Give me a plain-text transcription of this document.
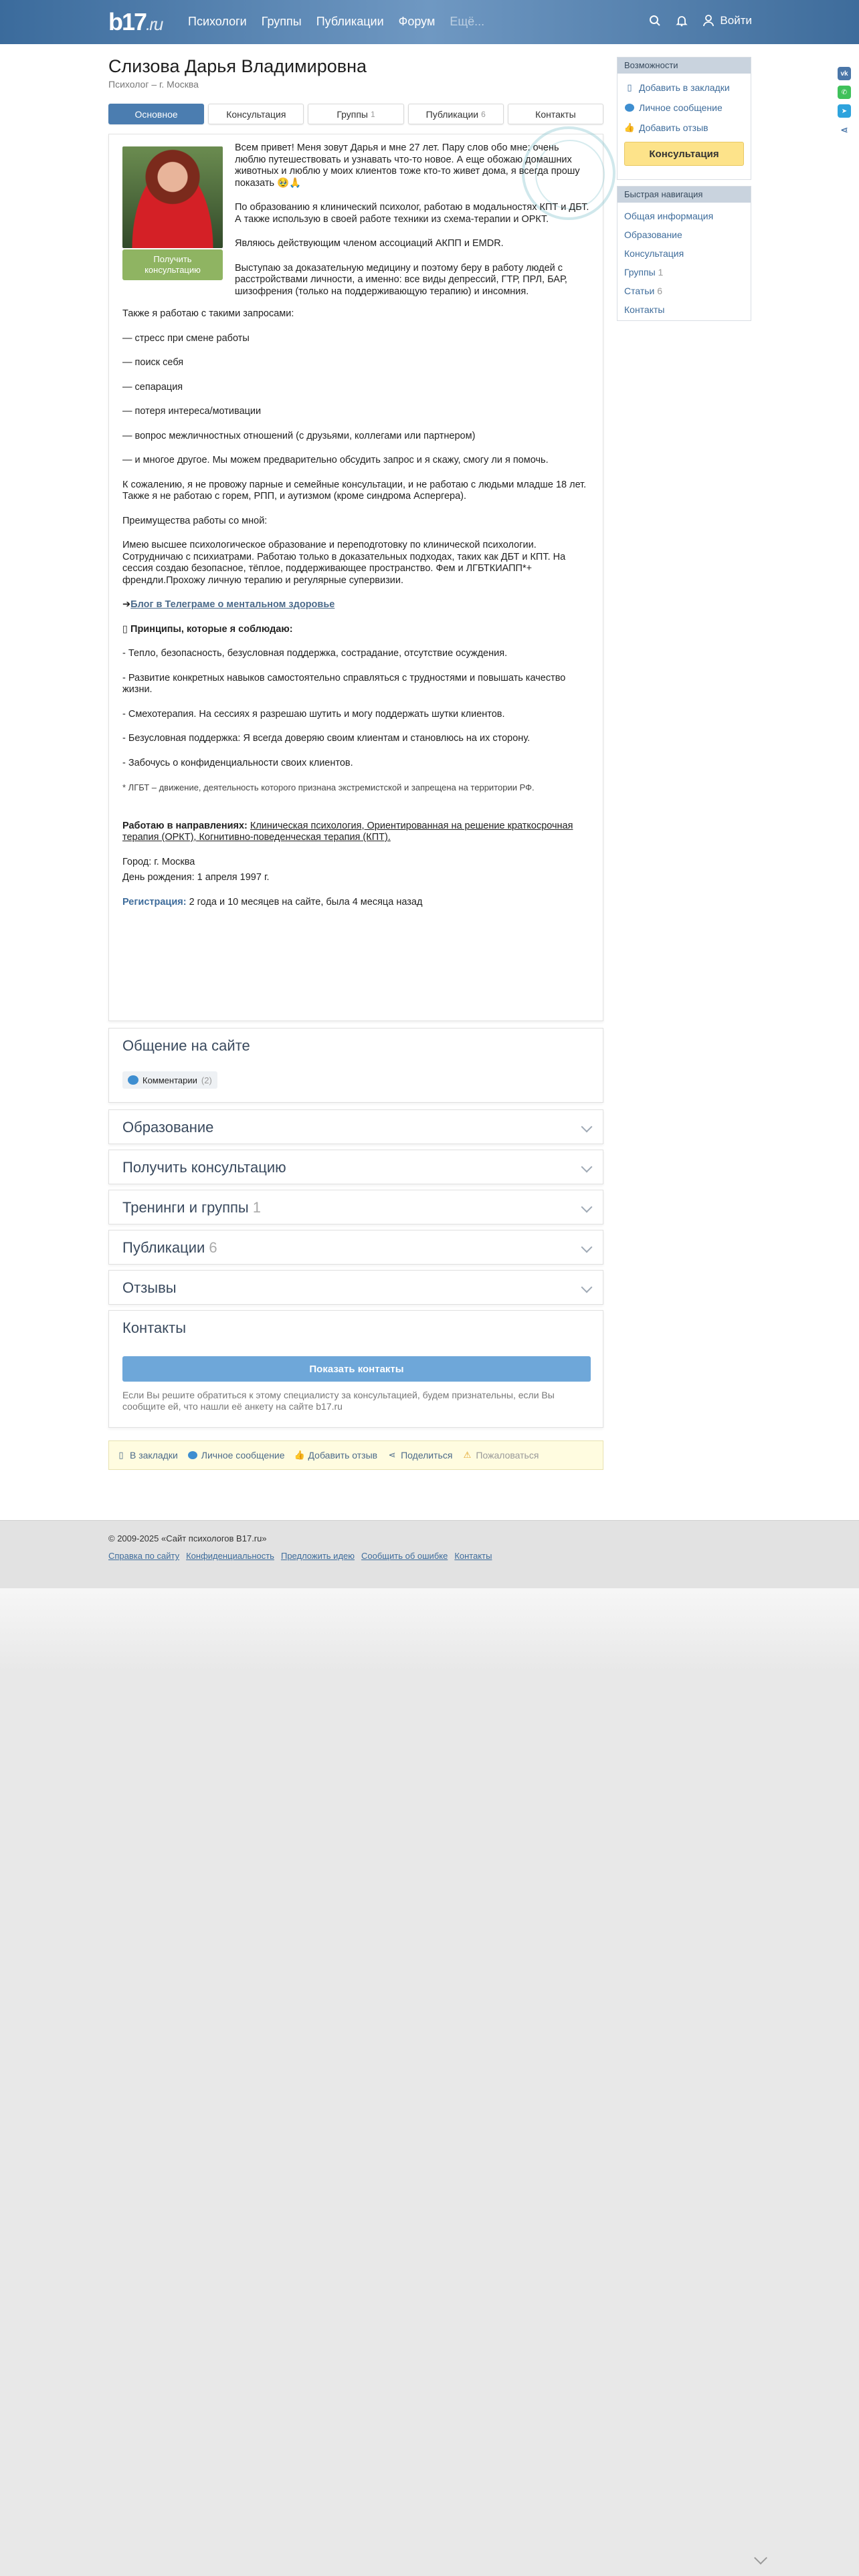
b17.ru Психологи Группы Публикации Форум Ещё...	Войти
vk
✆
➤
⋖
Слизова Дарья Владимировна
Психолог – г. Москва
Основное	Консультация	Группы 1	Публикации 6	Контакты
Получить консультацию

Всем привет! Меня зовут Дарья и мне 27 лет. Пару слов обо мне: очень люблю путешествовать и узнавать что-то новое. А еще обожаю домашних животных и люблю у моих клиентов тоже кто-то живет дома, я всегда прошу показать 🥹🙏

По образованию я клинический психолог, работаю в модальностях КПТ и ДБТ. А также использую в своей работе техники из схема-терапии и ОРКТ.

Являюсь действующим членом ассоциаций АКПП и EMDR.

Выступаю за доказательную медицину и поэтому беру в работу людей с расстройствами личности, а именно: все виды депрессий, ГТР, ПРЛ, БАР, шизофрения (только на поддерживающую терапию) и инсомния.

Также я работаю с такими запросами:

— стресс при смене работы

— поиск себя

— сепарация

— потеря интереса/мотивации

— вопрос межличностных отношений (с друзьями, коллегами или партнером)

— и многое другое. Мы можем предварительно обсудить запрос и я скажу, смогу ли я помочь.

К сожалению, я не провожу парные и семейные консультации, и не работаю с людьми младше 18 лет. Также я не работаю с горем, РПП, и аутизмом (кроме синдрома Аспергера).

Преимущества работы со мной:

Имею высшее психологическое образование и переподготовку по клинической психологии. Сотрудничаю с психиатрами. Работаю только в доказательных подходах, таких как ДБТ и КПТ. На сессия создаю безопасное, тёплое, поддерживающее пространство. Фем и ЛГБТКИАПП*+ френдли.Прохожу личную терапию и регулярные супервизии.

➔Блог в Телеграме о ментальном здоровье

▯ Принципы, которые я соблюдаю:

- Тепло, безопасность, безусловная поддержка, сострадание, отсутствие осуждения.

- Развитие конкретных навыков самостоятельно справляться с трудностями и повышать качество жизни.

- Смехотерапия. На сессиях я разрешаю шутить и могу поддержать шутки клиентов.

- Безусловная поддержка: Я всегда доверяю своим клиентам и становлюсь на их сторону.

- Забочусь о конфиденциальности своих клиентов.

* ЛГБТ – движение, деятельность которого признана экстремистской и запрещена на территории РФ.

Работаю в направлениях: Клиническая психология, Ориентированная на решение краткосрочная терапия (ОРКТ), Когнитивно-поведенческая терапия (КПТ).

Город: г. Москва

День рождения: 1 апреля 1997 г.

Регистрация: 2 года и 10 месяцев на сайте, была 4 месяца назад

Общение на сайте
Комментарии (2)
Образование
Получить консультацию
Тренинги и группы 1
Публикации 6
Отзывы
Контакты
Показать контакты
Если Вы решите обратиться к этому специалисту за консультацией, будем признательны, если Вы сообщите ей, что нашли её анкету на сайте b17.ru
▯ В закладки	Личное сообщение 👍 Добавить отзыв ⋖ Поделиться ⚠ Пожаловаться
Возможности
▯ Добавить в закладки
Личное сообщение
👍 Добавить отзыв
Консультация
Быстрая навигация
Общая информация
Образование
Консультация
Группы 1
Статьи 6
Контакты
© 2009-2025 «Сайт психологов B17.ru»
Справка по сайту Конфиденциальность Предложить идею Сообщить об ошибке Контакты
